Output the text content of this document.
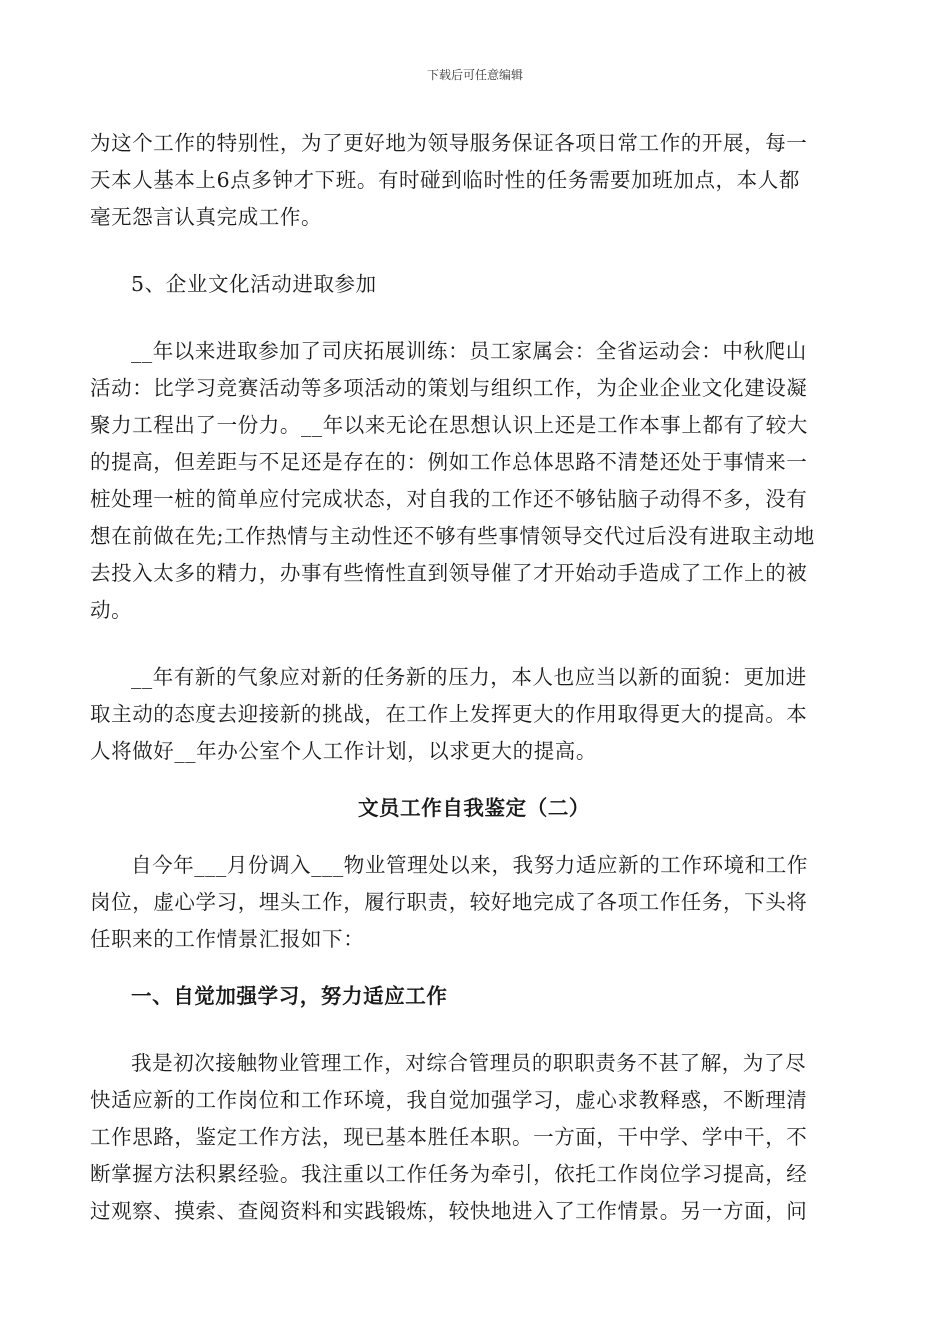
下载后可任意编辑
为这个工作的特别性，为了更好地为领导服务保证各项日常工作的开展，每一
天本人基本上6点多钟才下班。有时碰到临时性的任务需要加班加点，本人都
毫无怨言认真完成工作。
5、企业文化活动进取参加
__年以来进取参加了司庆拓展训练：员工家属会：全省运动会：中秋爬山
活动：比学习竞赛活动等多项活动的策划与组织工作，为企业企业文化建设凝
聚力工程出了一份力。__年以来无论在思想认识上还是工作本事上都有了较大
的提高，但差距与不足还是存在的：例如工作总体思路不清楚还处于事情来一
桩处理一桩的简单应付完成状态，对自我的工作还不够钻脑子动得不多，没有
想在前做在先;工作热情与主动性还不够有些事情领导交代过后没有进取主动地
去投入太多的精力，办事有些惰性直到领导催了才开始动手造成了工作上的被
动。
__年有新的气象应对新的任务新的压力，本人也应当以新的面貌：更加进
取主动的态度去迎接新的挑战，在工作上发挥更大的作用取得更大的提高。本
人将做好__年办公室个人工作计划，以求更大的提高。
文员工作自我鉴定（二）
自今年___月份调入___物业管理处以来，我努力适应新的工作环境和工作
岗位，虚心学习，埋头工作，履行职责，较好地完成了各项工作任务，下头将
任职来的工作情景汇报如下：
一、自觉加强学习，努力适应工作
我是初次接触物业管理工作，对综合管理员的职职责务不甚了解，为了尽
快适应新的工作岗位和工作环境，我自觉加强学习，虚心求教释惑，不断理清
工作思路，鉴定工作方法，现已基本胜任本职。一方面，干中学、学中干，不
断掌握方法积累经验。我注重以工作任务为牵引，依托工作岗位学习提高，经
过观察、摸索、查阅资料和实践锻炼，较快地进入了工作情景。另一方面，问
